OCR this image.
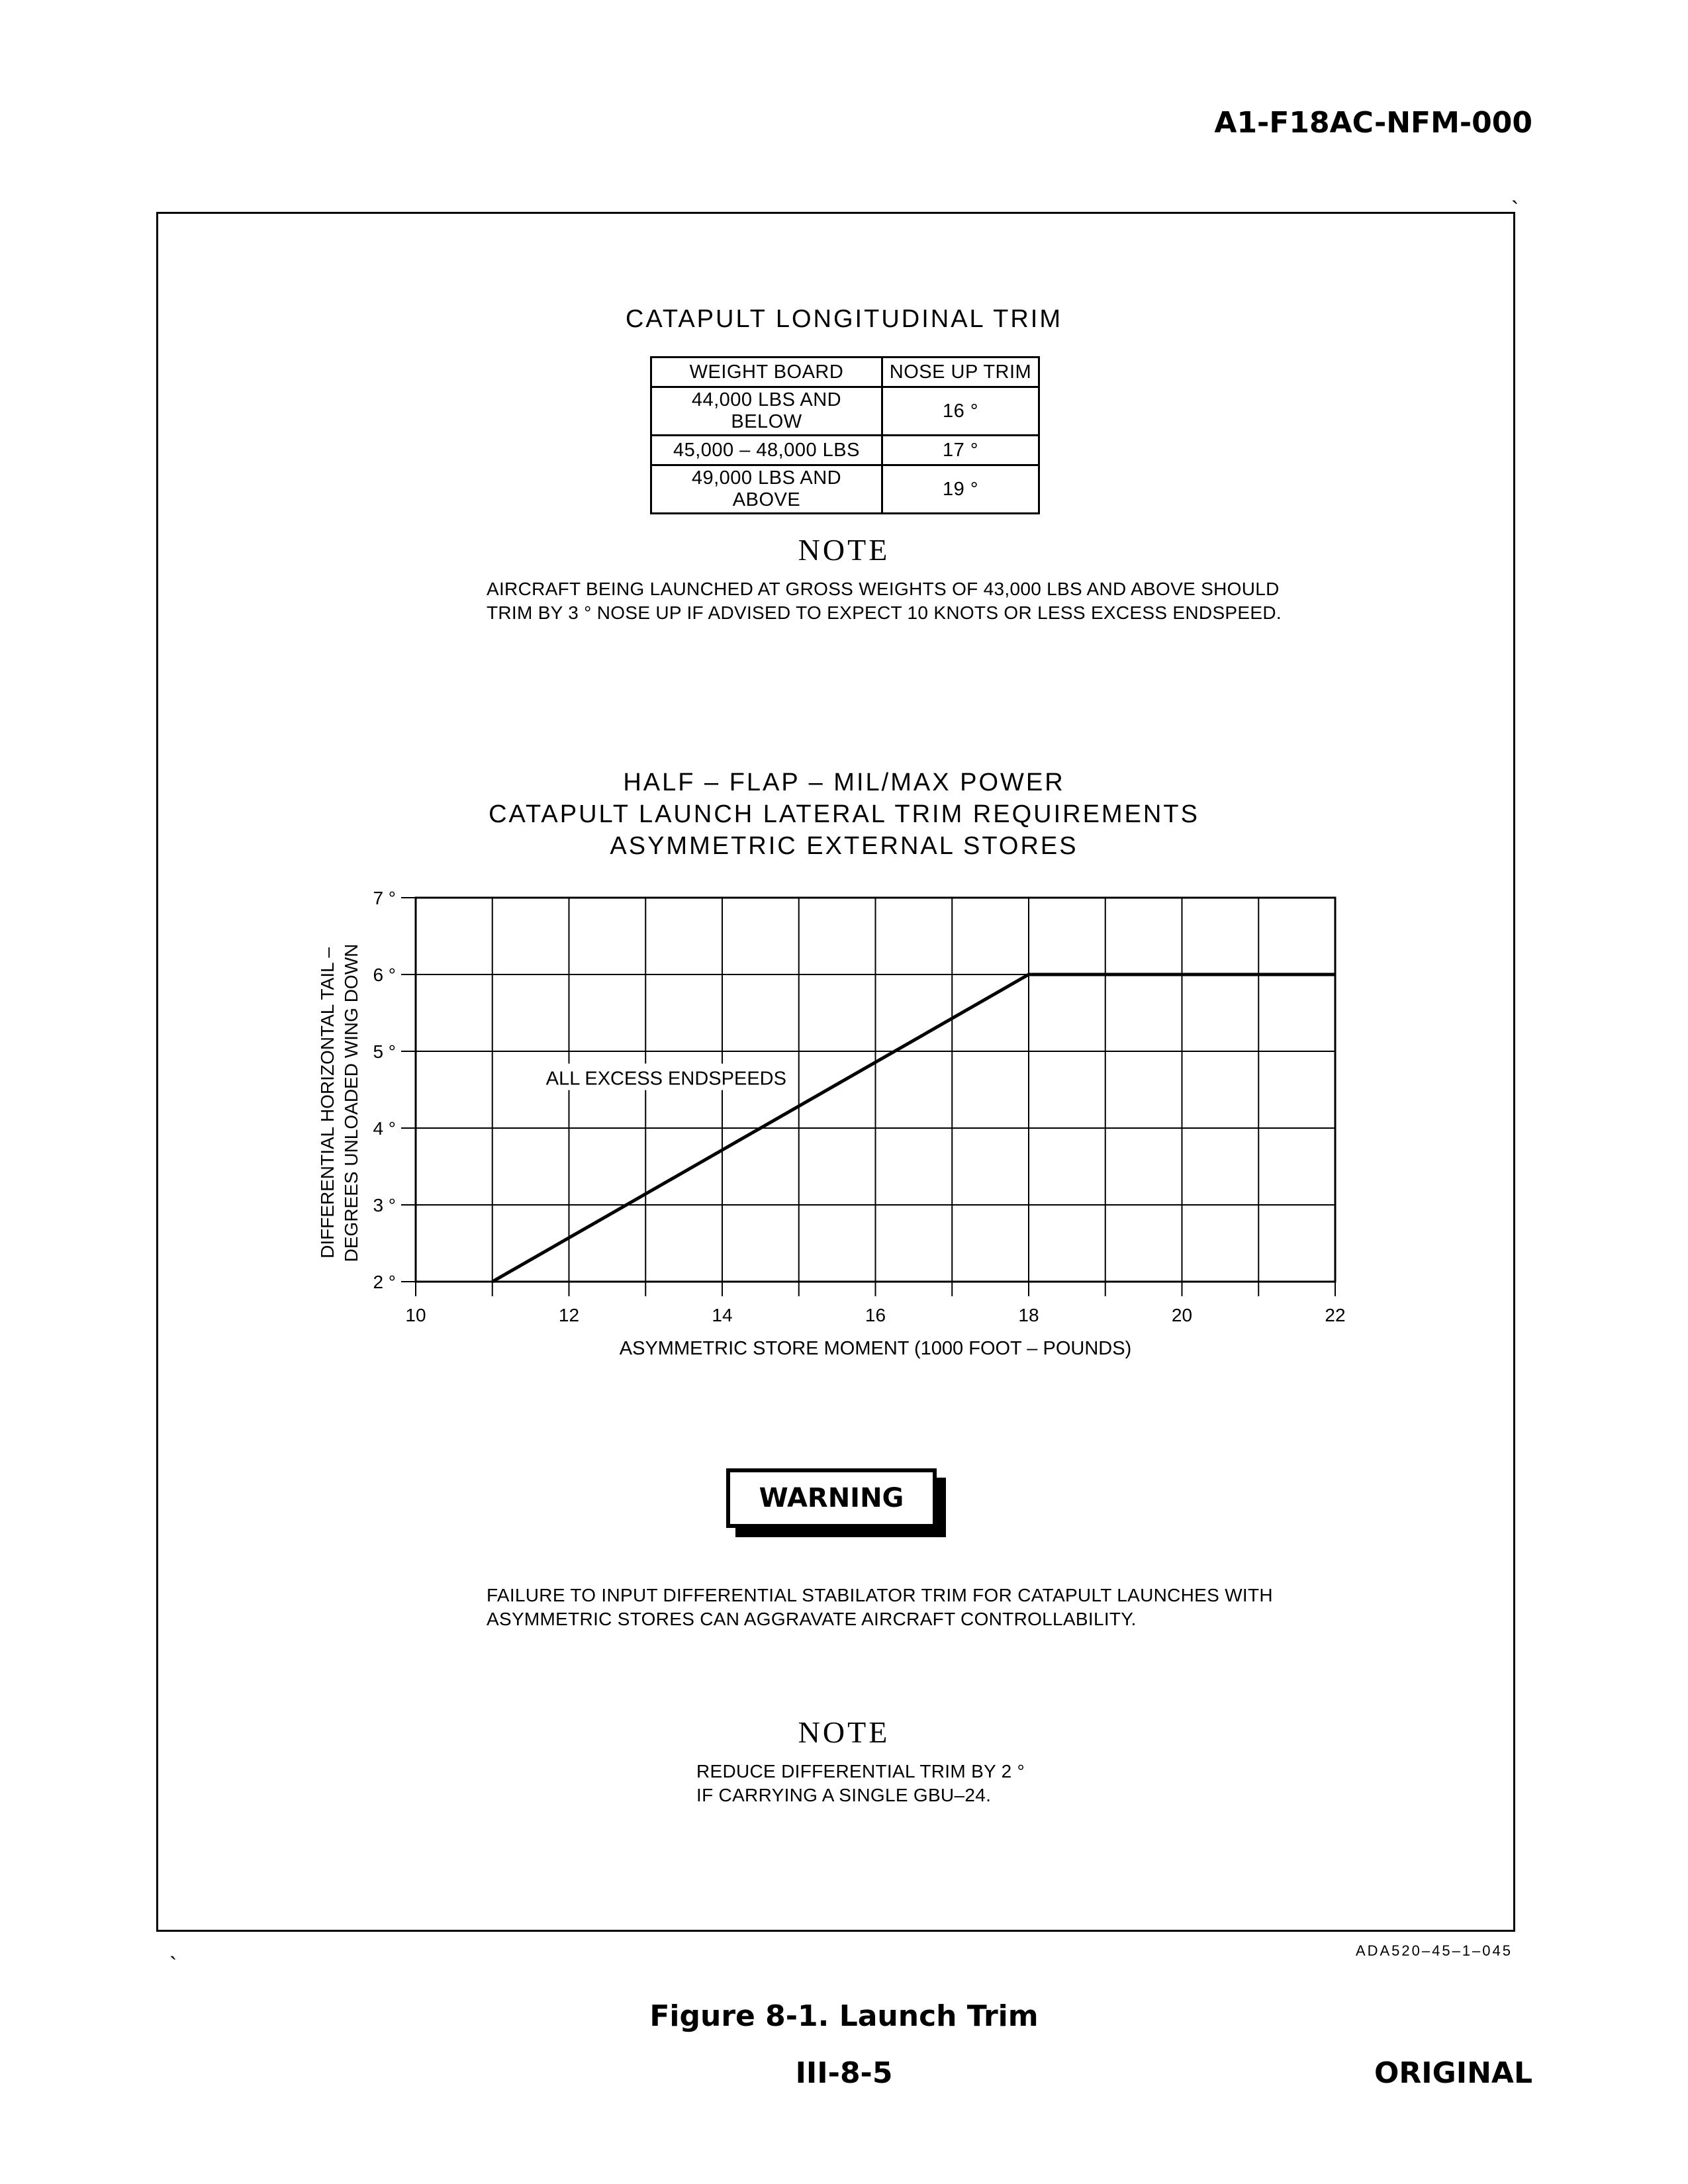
A1-F18AC-NFM-000
`
`
CATAPULT LONGITUDINAL TRIM
WEIGHT BOARD	NOSE UP TRIM
44,000 LBS AND BELOW	16 °
45,000 – 48,000 LBS	17 °
49,000 LBS AND ABOVE	19 °
NOTE
AIRCRAFT BEING LAUNCHED AT GROSS WEIGHTS OF 43,000 LBS AND ABOVE SHOULD
TRIM BY 3 ° NOSE UP IF ADVISED TO EXPECT 10 KNOTS OR LESS EXCESS ENDSPEED.
HALF – FLAP – MIL/MAX POWER
CATAPULT LAUNCH LATERAL TRIM REQUIREMENTS
ASYMMETRIC EXTERNAL STORES
2 °
3 °
4 °
5 °
6 °
7 °
10	12	14	16	18	20	22
ALL EXCESS ENDSPEEDS
ASYMMETRIC STORE MOMENT (1000 FOOT – POUNDS)
DIFFERENTIAL HORIZONTAL TAIL – DEGREES UNLOADED WING DOWN
WARNING
FAILURE TO INPUT DIFFERENTIAL STABILATOR TRIM FOR CATAPULT LAUNCHES WITH
ASYMMETRIC STORES CAN AGGRAVATE AIRCRAFT CONTROLLABILITY.
NOTE
REDUCE DIFFERENTIAL TRIM BY 2 °
IF CARRYING A SINGLE GBU–24.
ADA520–45–1–045
Figure 8-1. Launch Trim
III-8-5	ORIGINAL
